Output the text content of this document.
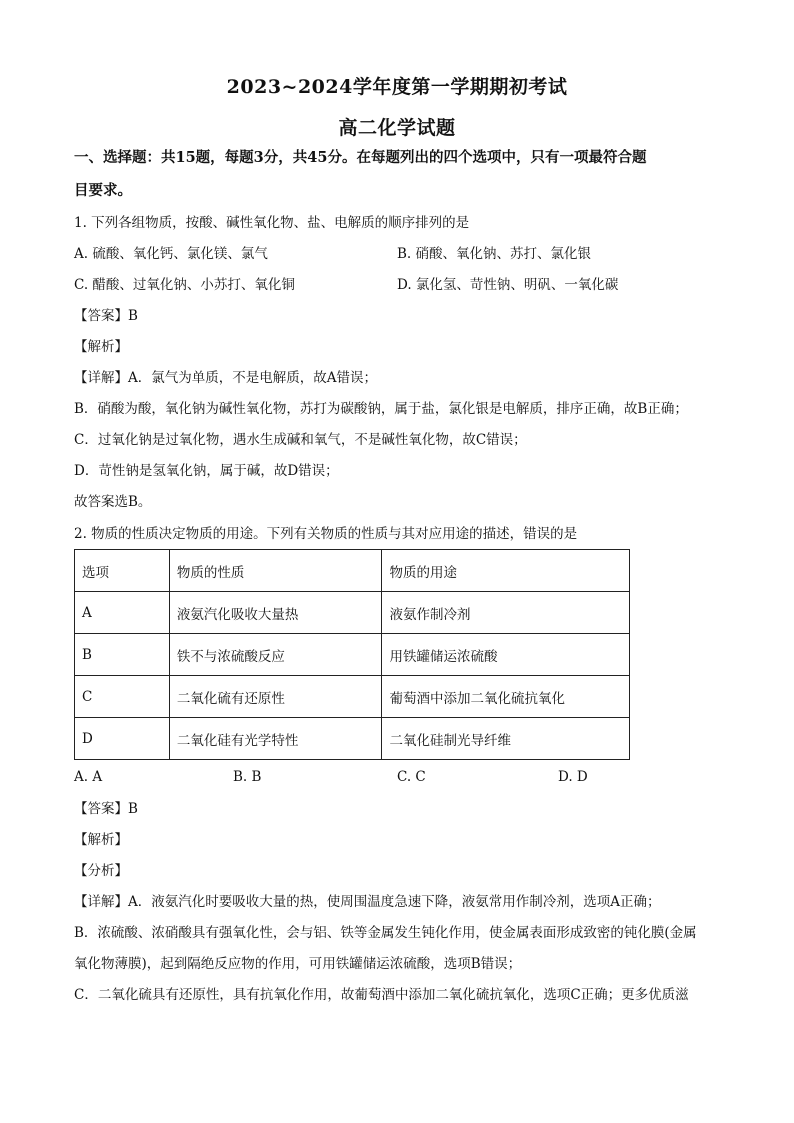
2023~2024学年度第一学期期初考试
高二化学试题
一、选择题：共15题，每题3分，共45分。在每题列出的四个选项中，只有一项最符合题
目要求。
1. 下列各组物质，按酸、碱性氧化物、盐、电解质的顺序排列的是
A. 硫酸、氧化钙、氯化镁、氯气	B. 硝酸、氧化钠、苏打、氯化银
C. 醋酸、过氧化钠、小苏打、氧化铜	D. 氯化氢、苛性钠、明矾、一氧化碳
【答案】B
【解析】
【详解】A．氯气为单质，不是电解质，故A错误；
B．硝酸为酸，氧化钠为碱性氧化物，苏打为碳酸钠，属于盐，氯化银是电解质，排序正确，故B正确；
C．过氧化钠是过氧化物，遇水生成碱和氧气，不是碱性氧化物，故C错误；
D．苛性钠是氢氧化钠，属于碱，故D错误；
故答案选B。
2. 物质的性质决定物质的用途。下列有关物质的性质与其对应用途的描述，错误的是
选项	物质的性质	物质的用途
A	液氨汽化吸收大量热	液氨作制冷剂
B	铁不与浓硫酸反应	用铁罐储运浓硫酸
C	二氧化硫有还原性	葡萄酒中添加二氧化硫抗氧化
D	二氧化硅有光学特性	二氧化硅制光导纤维
A. A	B. B	C. C	D. D
【答案】B
【解析】
【分析】
【详解】A．液氨汽化时要吸收大量的热，使周围温度急速下降，液氨常用作制冷剂，选项A正确；
B．浓硫酸、浓硝酸具有强氧化性，会与铝、铁等金属发生钝化作用，使金属表面形成致密的钝化膜(金属
氧化物薄膜)，起到隔绝反应物的作用，可用铁罐储运浓硫酸，选项B错误；
C．二氧化硫具有还原性，具有抗氧化作用，故葡萄酒中添加二氧化硫抗氧化，选项C正确；更多优质滋
